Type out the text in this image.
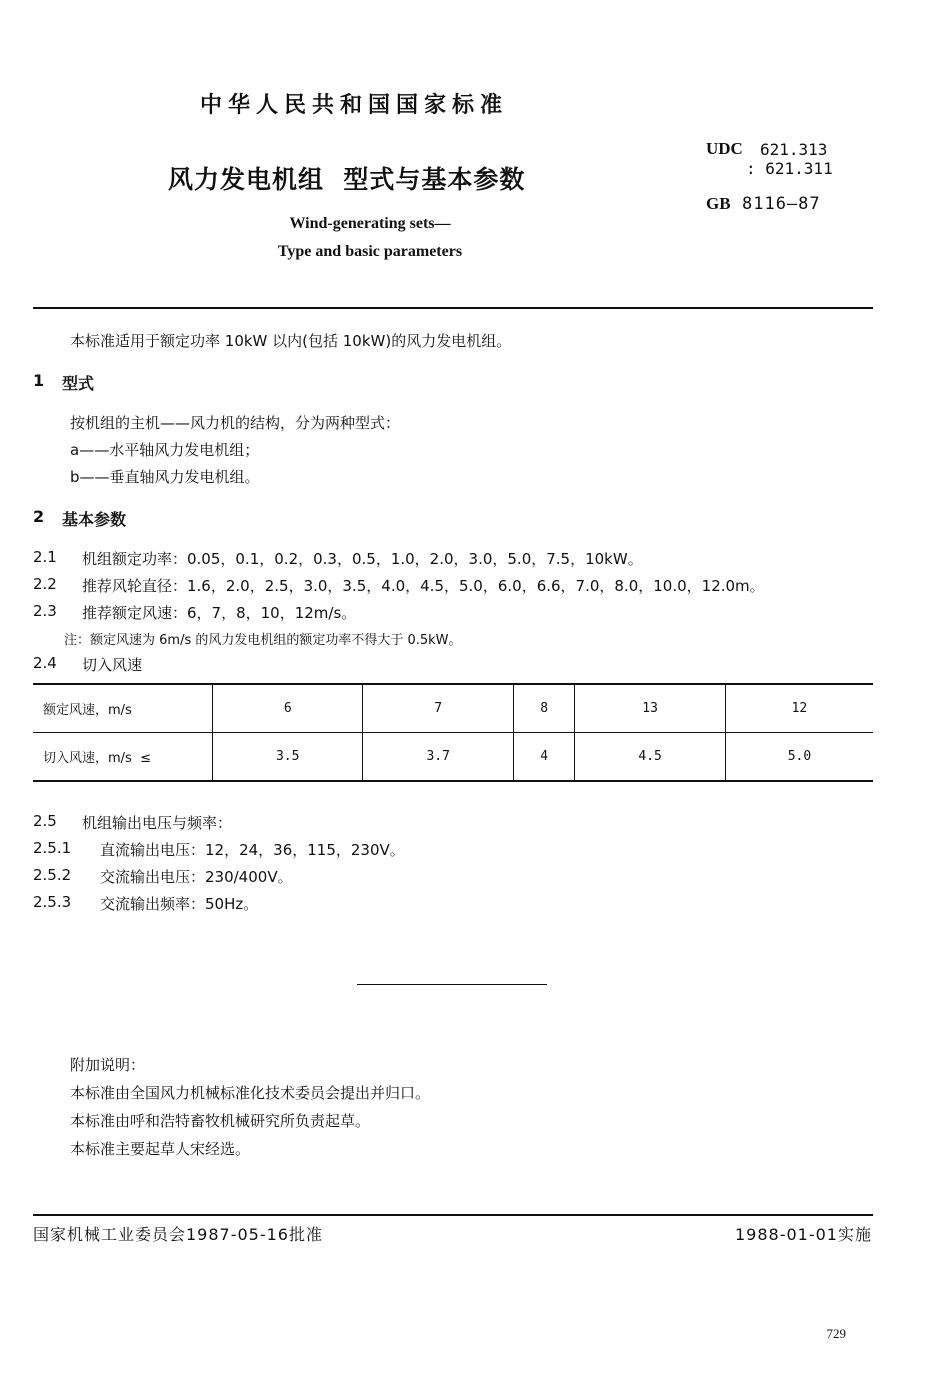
中华人民共和国国家标准
风力发电机组  型式与基本参数
Wind-generating sets—
Type and basic parameters
UDC 621.313
: 621.311
GB 8116—87
本标准适用于额定功率 10kW 以内(包括 10kW)的风力发电机组。
1 型式
按机组的主机——风力机的结构，分为两种型式：
a——水平轴风力发电机组；
b——垂直轴风力发电机组。
2 基本参数
2.1 机组额定功率：0.05，0.1，0.2，0.3，0.5，1.0，2.0，3.0，5.0，7.5，10kW。
2.2 推荐风轮直径：1.6，2.0，2.5，3.0，3.5，4.0，4.5，5.0，6.0，6.6，7.0，8.0，10.0，12.0m。
2.3 推荐额定风速：6，7，8，10，12m/s。
注：额定风速为 6m/s 的风力发电机组的额定功率不得大于 0.5kW。
2.4 切入风速
额定风速，m/s	6	7	8	13	12
切入风速，m/s  ≤	3.5	3.7	4	4.5	5.0
2.5 机组输出电压与频率：
2.5.1 直流输出电压：12，24，36，115，230V。
2.5.2 交流输出电压：230/400V。
2.5.3 交流输出频率：50Hz。
附加说明：
本标准由全国风力机械标准化技术委员会提出并归口。
本标准由呼和浩特畜牧机械研究所负责起草。
本标准主要起草人宋经选。
国家机械工业委员会1987-05-16批准	1988-01-01实施
729
